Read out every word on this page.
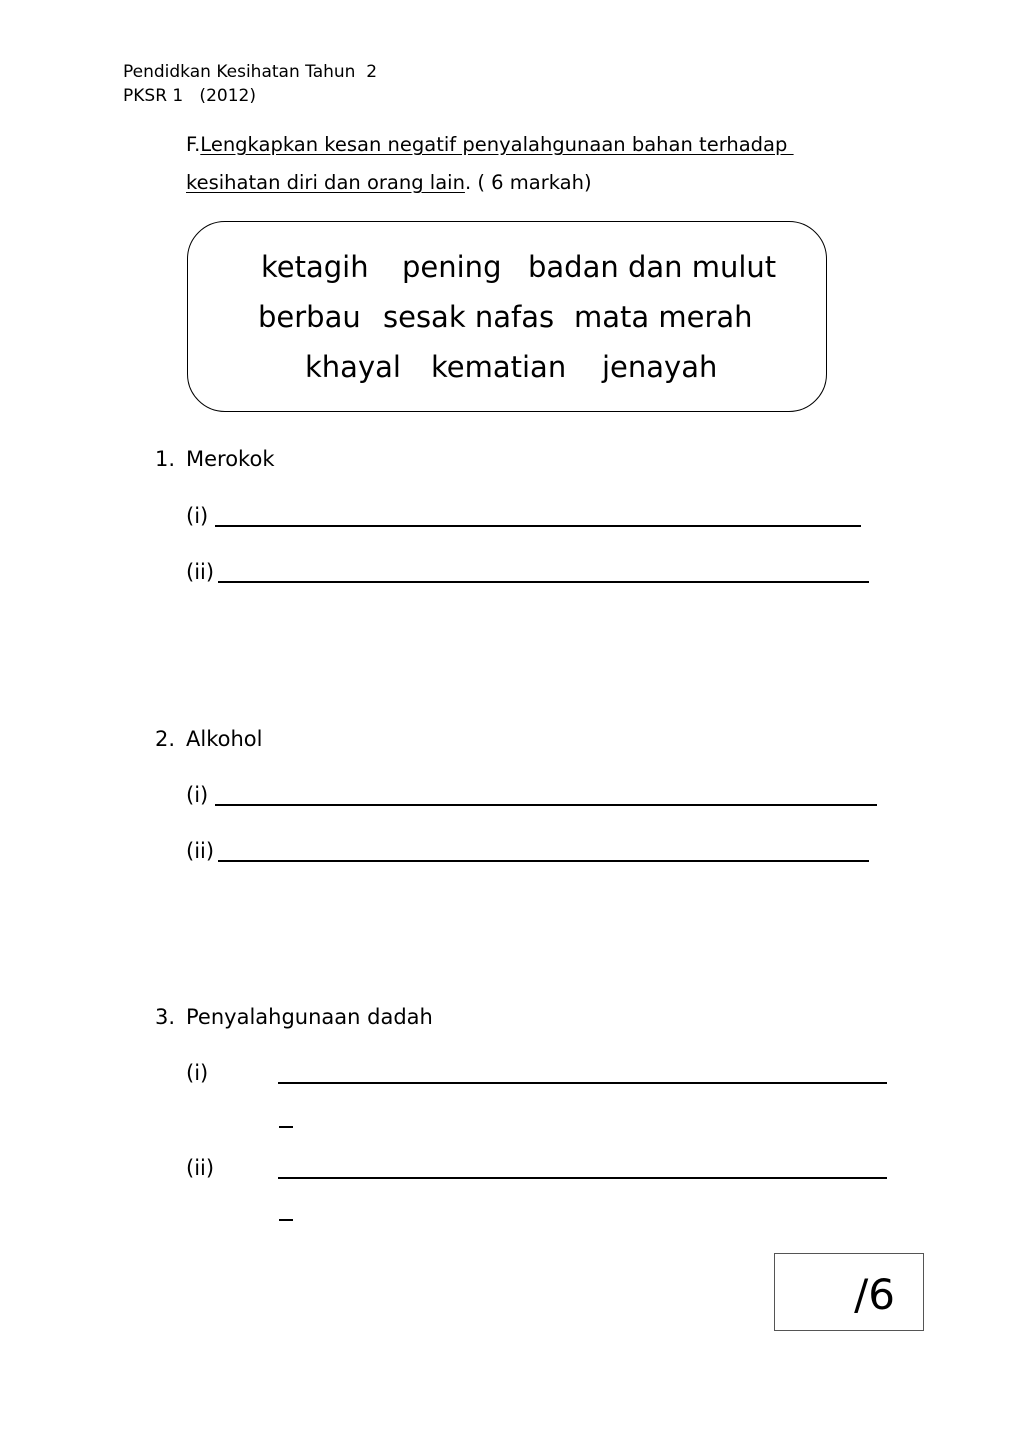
Pendidkan Kesihatan Tahun  2
PKSR 1   (2012)
F.Lengkapkan kesan negatif penyalahgunaan bahan terhadap
kesihatan diri dan orang lain. ( 6 markah)
ketagih pening badan dan mulut
berbau sesak nafas mata merah
khayal kematian jenayah
1. Merokok
(i)
(ii)
2. Alkohol
(i)
(ii)
3. Penyalahgunaan dadah
(i)
(ii)
/6
